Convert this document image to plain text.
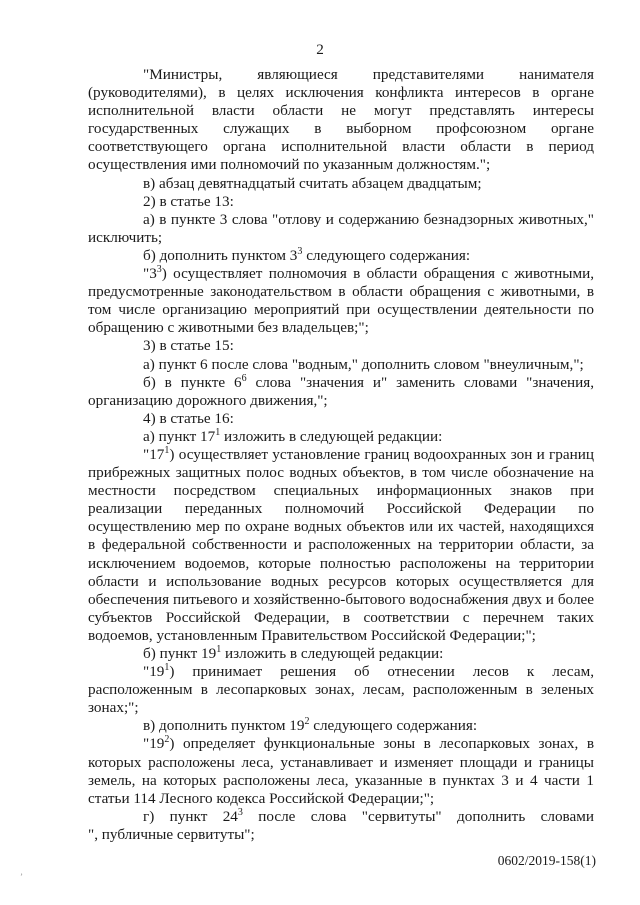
2

"Министры, являющиеся представителями нанимателя (руководителями), в целях исключения конфликта интересов в органе исполнительной власти области не могут представлять интересы государственных служащих в выборном профсоюзном органе соответствующего органа исполнительной власти области в период осуществления ими полномочий по указанным должностям.";

в) абзац девятнадцатый считать абзацем двадцатым;

2) в статье 13:

а) в пункте 3 слова "отлову и содержанию безнадзорных животных," исключить;

б) дополнить пунктом $3^3$ следующего содержания:

"$3^3$) осуществляет полномочия в области обращения с животными, предусмотренные законодательством в области обращения с животными, в том числе организацию мероприятий при осуществлении деятельности по обращению с животными без владельцев;";

3) в статье 15:

а) пункт 6 после слова "водным," дополнить словом "внеуличным,";

б) в пункте $6^6$ слова "значения и" заменить словами "значения, организацию дорожного движения,";

4) в статье 16:

а) пункт $17^1$ изложить в следующей редакции:

"$17^1$) осуществляет установление границ водоохранных зон и границ прибрежных защитных полос водных объектов, в том числе обозначение на местности посредством специальных информационных знаков при реализации переданных полномочий Российской Федерации по осуществлению мер по охране водных объектов или их частей, находящихся в федеральной собственности и расположенных на территории области, за исключением водоемов, которые полностью расположены на территории области и использование водных ресурсов которых осуществляется для обеспечения питьевого и хозяйственно-бытового водоснабжения двух и более субъектов Российской Федерации, в соответствии с перечнем таких водоемов, установленным Правительством Российской Федерации;";

б) пункт $19^1$ изложить в следующей редакции:

"$19^1$) принимает решения об отнесении лесов к лесам, расположенным в лесопарковых зонах, лесам, расположенным в зеленых зонах;";

в) дополнить пунктом $19^2$ следующего содержания:

"$19^2$) определяет функциональные зоны в лесопарковых зонах, в которых расположены леса, устанавливает и изменяет площади и границы земель, на которых расположены леса, указанные в пунктах 3 и 4 части 1 статьи 114 Лесного кодекса Российской Федерации;";

г) пункт $24^3$ после слова "сервитуты" дополнить словами

", публичные сервитуты";

0602/2019-158(1)
ʼ
